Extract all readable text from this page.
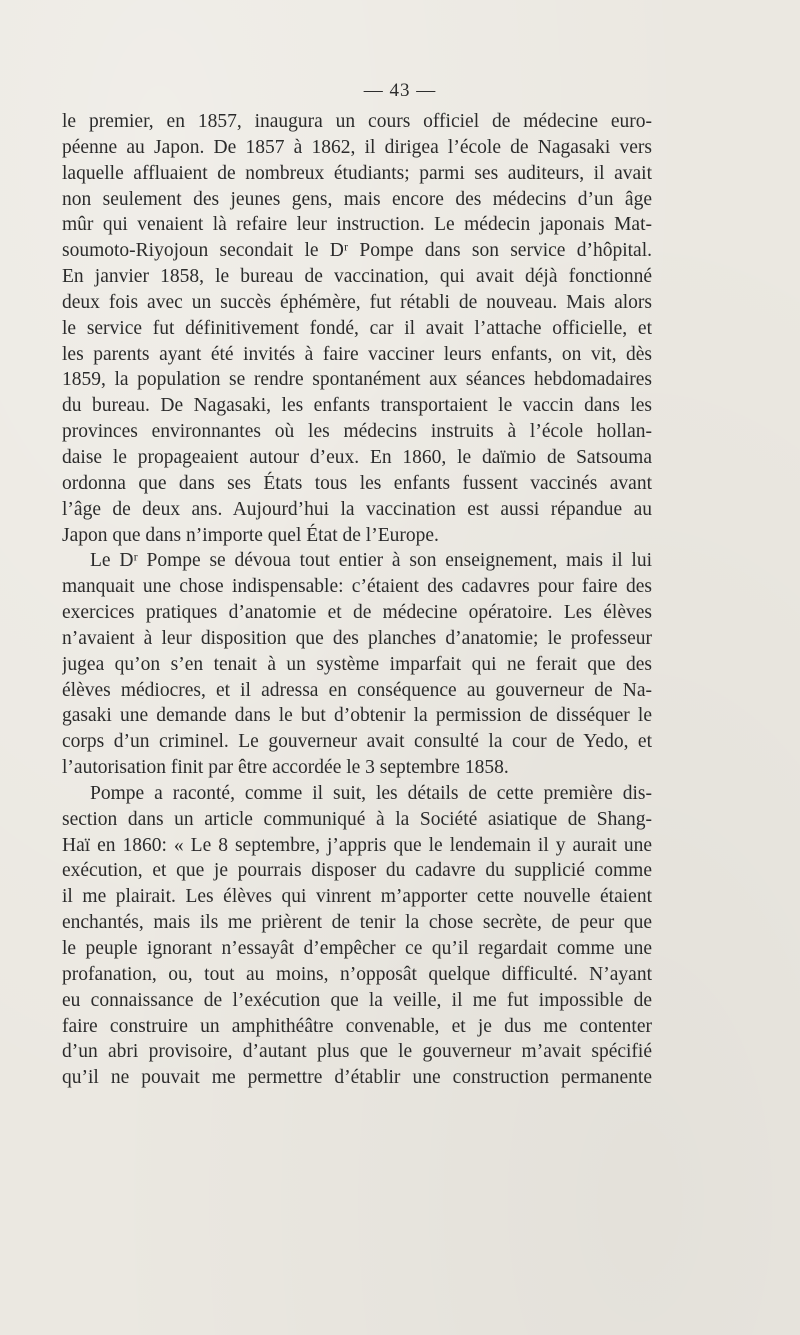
— 43 —
le premier, en 1857, inaugura un cours officiel de médecine euro-
péenne au Japon. De 1857 à 1862, il dirigea l’école de Nagasaki vers
laquelle affluaient de nombreux étudiants; parmi ses auditeurs, il avait
non seulement des jeunes gens, mais encore des médecins d’un âge
mûr qui venaient là refaire leur instruction. Le médecin japonais Mat-
soumoto-Riyojoun secondait le Dʳ Pompe dans son service d’hôpital.
En janvier 1858, le bureau de vaccination, qui avait déjà fonctionné
deux fois avec un succès éphémère, fut rétabli de nouveau. Mais alors
le service fut définitivement fondé, car il avait l’attache officielle, et
les parents ayant été invités à faire vacciner leurs enfants, on vit, dès
1859, la population se rendre spontanément aux séances hebdomadaires
du bureau. De Nagasaki, les enfants transportaient le vaccin dans les
provinces environnantes où les médecins instruits à l’école hollan-
daise le propageaient autour d’eux. En 1860, le daïmio de Satsouma
ordonna que dans ses États tous les enfants fussent vaccinés avant
l’âge de deux ans. Aujourd’hui la vaccination est aussi répandue au
Japon que dans n’importe quel État de l’Europe.
Le Dʳ Pompe se dévoua tout entier à son enseignement, mais il lui
manquait une chose indispensable: c’étaient des cadavres pour faire des
exercices pratiques d’anatomie et de médecine opératoire. Les élèves
n’avaient à leur disposition que des planches d’anatomie; le professeur
jugea qu’on s’en tenait à un système imparfait qui ne ferait que des
élèves médiocres, et il adressa en conséquence au gouverneur de Na-
gasaki une demande dans le but d’obtenir la permission de disséquer le
corps d’un criminel. Le gouverneur avait consulté la cour de Yedo, et
l’autorisation finit par être accordée le 3 septembre 1858.
Pompe a raconté, comme il suit, les détails de cette première dis-
section dans un article communiqué à la Société asiatique de Shang-
Haï en 1860: « Le 8 septembre, j’appris que le lendemain il y aurait une
exécution, et que je pourrais disposer du cadavre du supplicié comme
il me plairait. Les élèves qui vinrent m’apporter cette nouvelle étaient
enchantés, mais ils me prièrent de tenir la chose secrète, de peur que
le peuple ignorant n’essayât d’empêcher ce qu’il regardait comme une
profanation, ou, tout au moins, n’opposât quelque difficulté. N’ayant
eu connaissance de l’exécution que la veille, il me fut impossible de
faire construire un amphithéâtre convenable, et je dus me contenter
d’un abri provisoire, d’autant plus que le gouverneur m’avait spécifié
qu’il ne pouvait me permettre d’établir une construction permanente
